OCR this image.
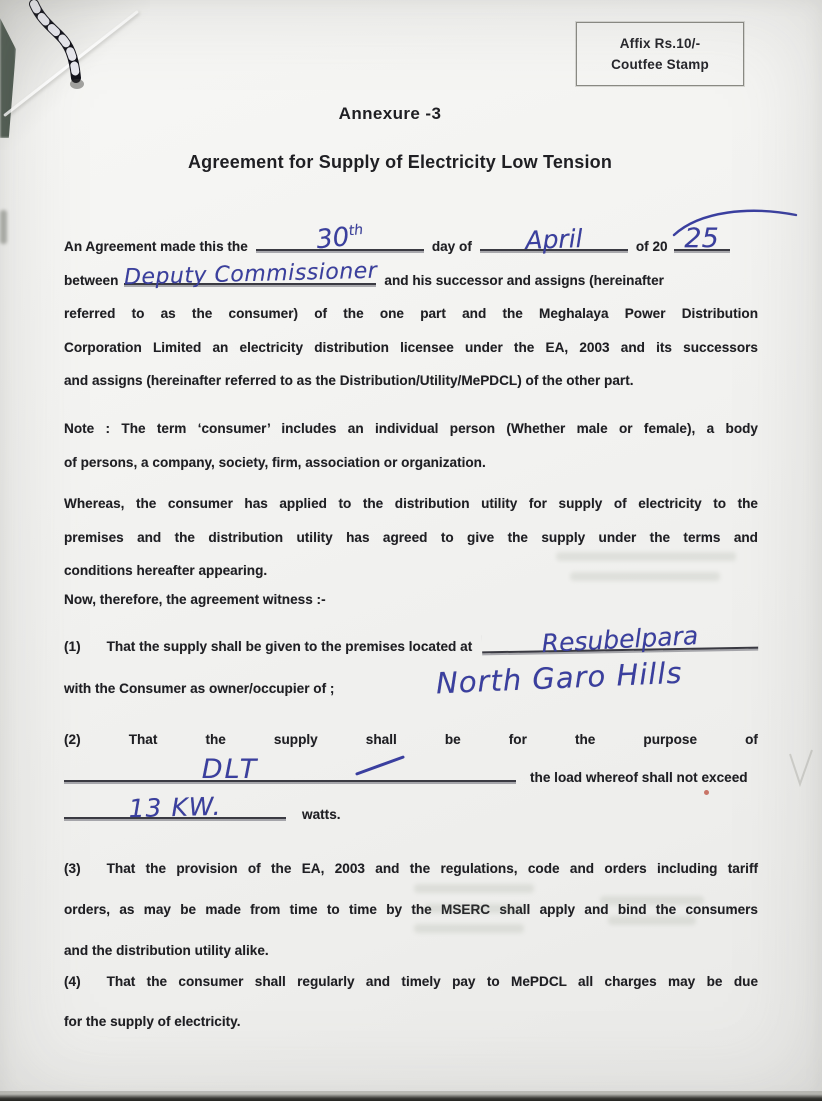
Affix Rs.10/-
Coutfee Stamp
Annexure -3
Agreement for Supply of Electricity Low Tension
An Agreement made this the	30th
day of	April	of 20 25
between Deputy Commissioner and his successor and assigns (hereinafter
referred to as the consumer) of the one part and the Meghalaya Power Distribution
Corporation Limited an electricity distribution licensee under the EA, 2003 and its successors
and assigns (hereinafter referred to as the Distribution/Utility/MePDCL) of the other part.
Note : The term ‘consumer’ includes an individual person (Whether male or female), a body
of persons, a company, society, firm, association or organization.
Whereas, the consumer has applied to the distribution utility for supply of electricity to the
premises and the distribution utility has agreed to give the supply under the terms and
conditions hereafter appearing.
Now, therefore, the agreement witness :-
(1) That the supply shall be given to the premises located at	Resubelpara
with the Consumer as owner/occupier of ;	North Garo Hills
(2)	That	the	supply	shall	be	for	the	purpose	of
DLT	the load whereof shall not exceed
13 KW.	watts.
(3) That the provision of the EA, 2003 and the regulations, code and orders including tariff
orders, as may be made from time to time by the MSERC shall apply and bind the consumers
and the distribution utility alike.
(4) That the consumer shall regularly and timely pay to MePDCL all charges may be due
for the supply of electricity.
